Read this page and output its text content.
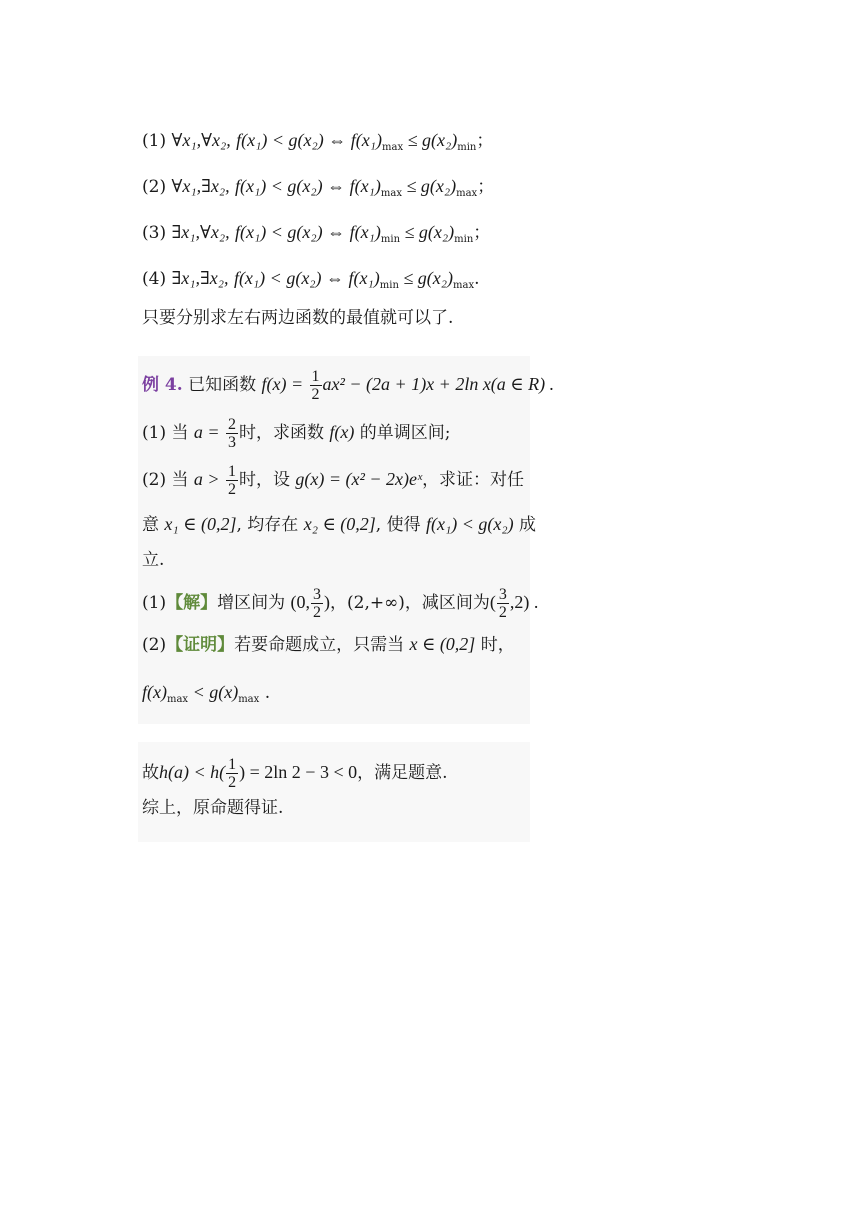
(1) ∀x₁,∀x₂, f(x₁) < g(x₂) ⇔ $f(x_1)_{max} \le g(x_2)_{min}$；
(2) ∀x₁,∃x₂, f(x₁) < g(x₂) ⇔ $f(x_1)_{max} \le g(x_2)_{max}$；
(3) ∃x₁,∀x₂, f(x₁) < g(x₂) ⇔ $f(x_1)_{min} \le g(x_2)_{min}$；
(4) ∃x₁,∃x₂, f(x₁) < g(x₂) ⇔ $f(x_1)_{min} \le g(x_2)_{max}$.
只要分别求左右两边函数的最值就可以了.
例 4. 已知函数 $f(x) = \frac{1}{2} ax^2 - (2a + 1)x + 2\ln$ x(a ∈ R) .
(1) 当 $a = \frac{2}{3}$ 时，求函数 f(x) 的单调区间;
(2) 当 $a > \frac{1}{2}$ 时，设 g(x) = (x² − 2x)eˣ，求证：对任
意 x₁ ∈ (0,2], 均存在 x₂ ∈ (0,2], 使得 f(x₁) < g(x₂) 成
立.
(1)【解】增区间为 (0, $\frac{3}{2}$ )，(2,+∞)，减区间为( $\frac{3}{2} ,2$) .
(2)【证明】若要命题成立，只需当 x ∈ (0,2] 时，
$f(x)_{max} < g(x)_{max}$ .
故$h(a) < h( \frac{1}{2}$ ) = 2ln 2 − 3 < 0，满足题意.
综上，原命题得证.
